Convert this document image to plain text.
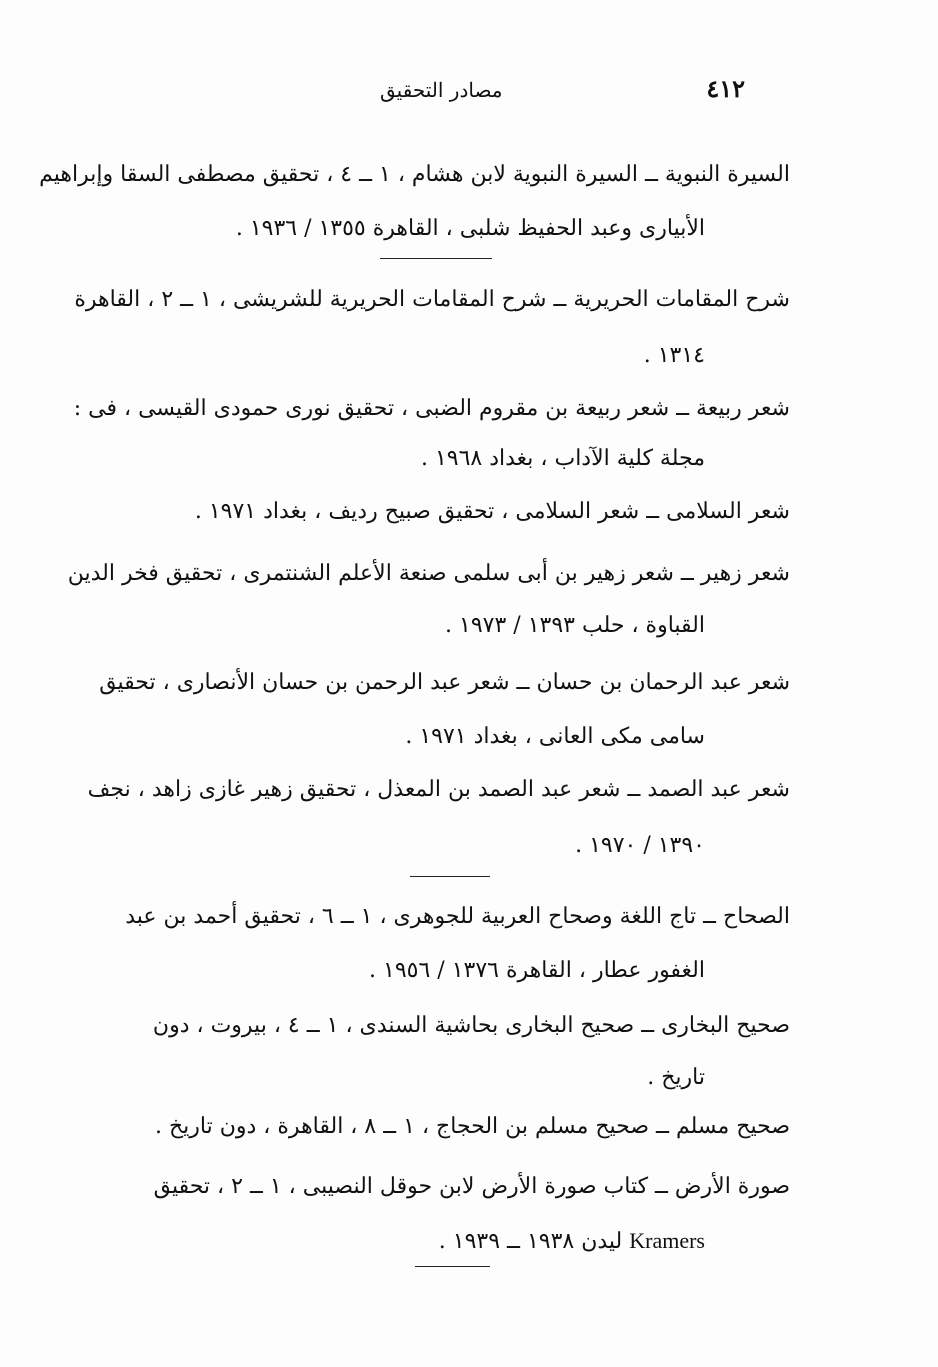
٤١٢
مصادر التحقيق
السيرة النبوية ــ السيرة النبوية لابن هشام ، ١ ــ ٤ ، تحقيق مصطفى السقا وإبراهيم
الأبيارى وعبد الحفيظ شلبى ، القاهرة ١٣٥٥ / ١٩٣٦ .
شرح المقامات الحريرية ــ شرح المقامات الحريرية للشريشى ، ١ ــ ٢ ، القاهرة
١٣١٤ .
شعر ربيعة ــ شعر ربيعة بن مقروم الضبى ، تحقيق نورى حمودى القيسى ، فى :
مجلة كلية الآداب ، بغداد ١٩٦٨ .
شعر السلامى ــ شعر السلامى ، تحقيق صبيح رديف ، بغداد ١٩٧١ .
شعر زهير ــ شعر زهير بن أبى سلمى صنعة الأعلم الشنتمرى ، تحقيق فخر الدين
القباوة ، حلب ١٣٩٣ / ١٩٧٣ .
شعر عبد الرحمان بن حسان ــ شعر عبد الرحمن بن حسان الأنصارى ، تحقيق
سامى مكى العانى ، بغداد ١٩٧١ .
شعر عبد الصمد ــ شعر عبد الصمد بن المعذل ، تحقيق زهير غازى زاهد ، نجف
١٣٩٠ / ١٩٧٠ .
الصحاح ــ تاج اللغة وصحاح العربية للجوهرى ، ١ ــ ٦ ، تحقيق أحمد بن عبد
الغفور عطار ، القاهرة ١٣٧٦ / ١٩٥٦ .
صحيح البخارى ــ صحيح البخارى بحاشية السندى ، ١ ــ ٤ ، بيروت ، دون
تاريخ .
صحيح مسلم ــ صحيح مسلم بن الحجاج ، ١ ــ ٨ ، القاهرة ، دون تاريخ .
صورة الأرض ــ كتاب صورة الأرض لابن حوقل النصيبى ، ١ ــ ٢ ، تحقيق
Kramers ليدن ١٩٣٨ ــ ١٩٣٩ .
